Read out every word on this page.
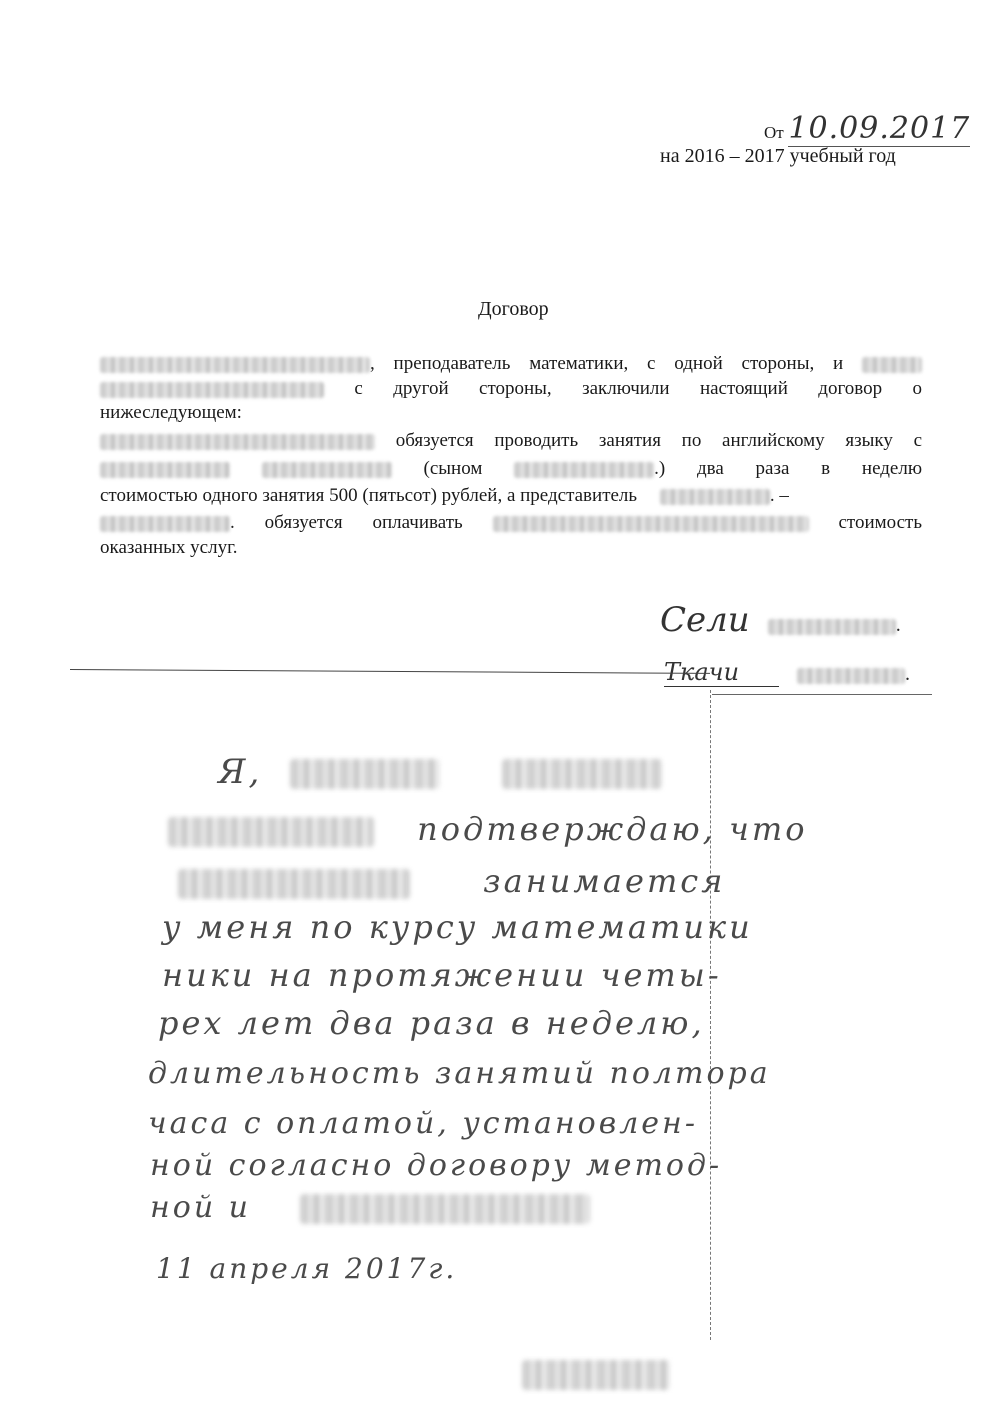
От 10.09.2017
на 2016 – 2017 учебный год
Договор
, преподаватель математики, с одной стороны, и
с другой стороны, заключили настоящий договор о
нижеследующем:
обязуется проводить занятия по английскому языку с
(сыном	.) два раза в неделю
стоимостью одного занятия 500 (пятьсот) рублей, а представитель	. –
. обязуется оплачивать	стоимость
оказанных услуг.
Сели	.
Ткачи	.
Я,
подтверждаю, что
занимается
у меня по курсу математики
ники на протяжении четы-
рех лет два раза в неделю,
длительность занятий полтора
часа с оплатой, установлен-
ной согласно договору метод-
ной и
11 апреля 2017г.
